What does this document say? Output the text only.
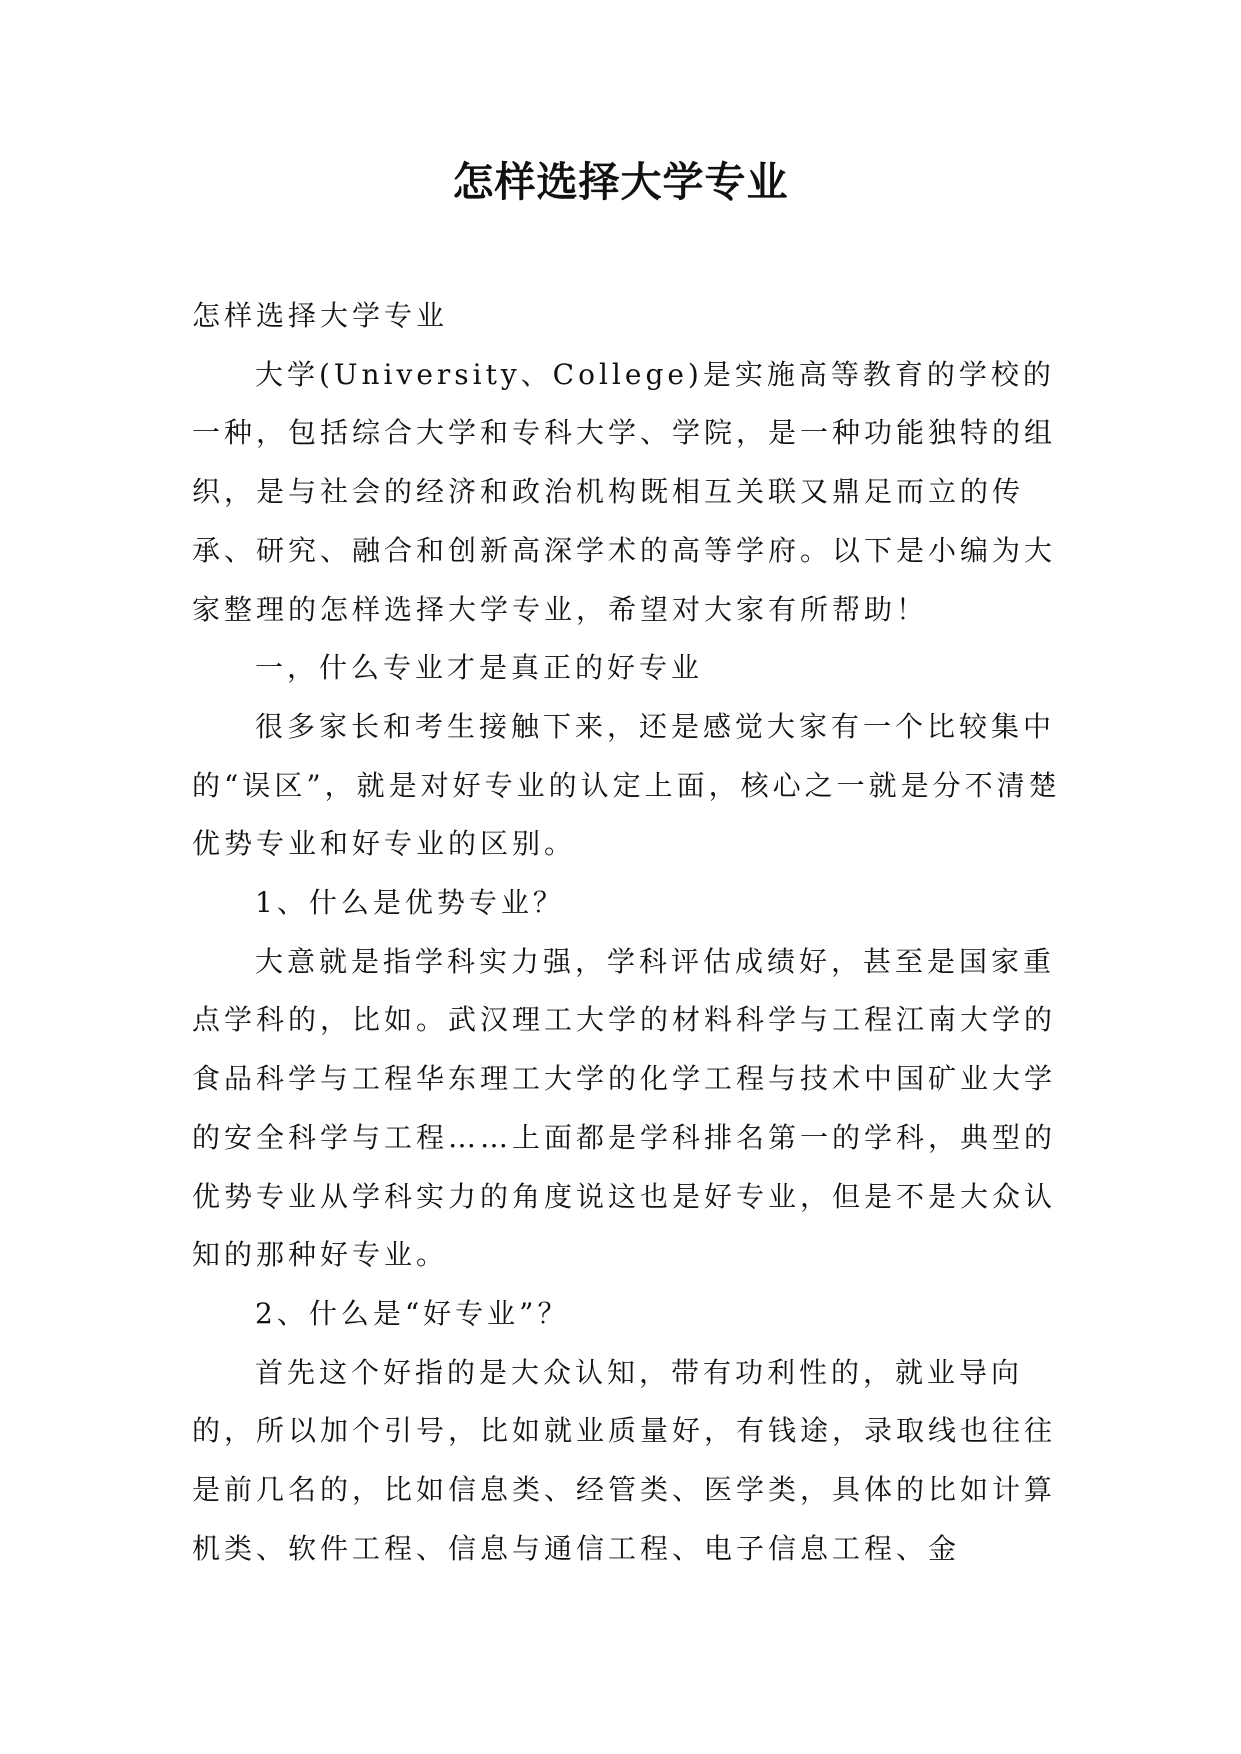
怎样选择大学专业

怎样选择大学专业

大学(University、College)是实施高等教育的学校的一种，包括综合大学和专科大学、学院，是一种功能独特的组织，是与社会的经济和政治机构既相互关联又鼎足而立的传承、研究、融合和创新高深学术的高等学府。以下是小编为大家整理的怎样选择大学专业，希望对大家有所帮助！

一，什么专业才是真正的好专业

很多家长和考生接触下来，还是感觉大家有一个比较集中的“误区”，就是对好专业的认定上面，核心之一就是分不清楚优势专业和好专业的区别。

1、什么是优势专业？

大意就是指学科实力强，学科评估成绩好，甚至是国家重点学科的，比如。武汉理工大学的材料科学与工程江南大学的食品科学与工程华东理工大学的化学工程与技术中国矿业大学的安全科学与工程……上面都是学科排名第一的学科，典型的优势专业从学科实力的角度说这也是好专业，但是不是大众认知的那种好专业。

2、什么是“好专业”？

首先这个好指的是大众认知，带有功利性的，就业导向的，所以加个引号，比如就业质量好，有钱途，录取线也往往是前几名的，比如信息类、经管类、医学类，具体的比如计算机类、软件工程、信息与通信工程、电子信息工程、金
